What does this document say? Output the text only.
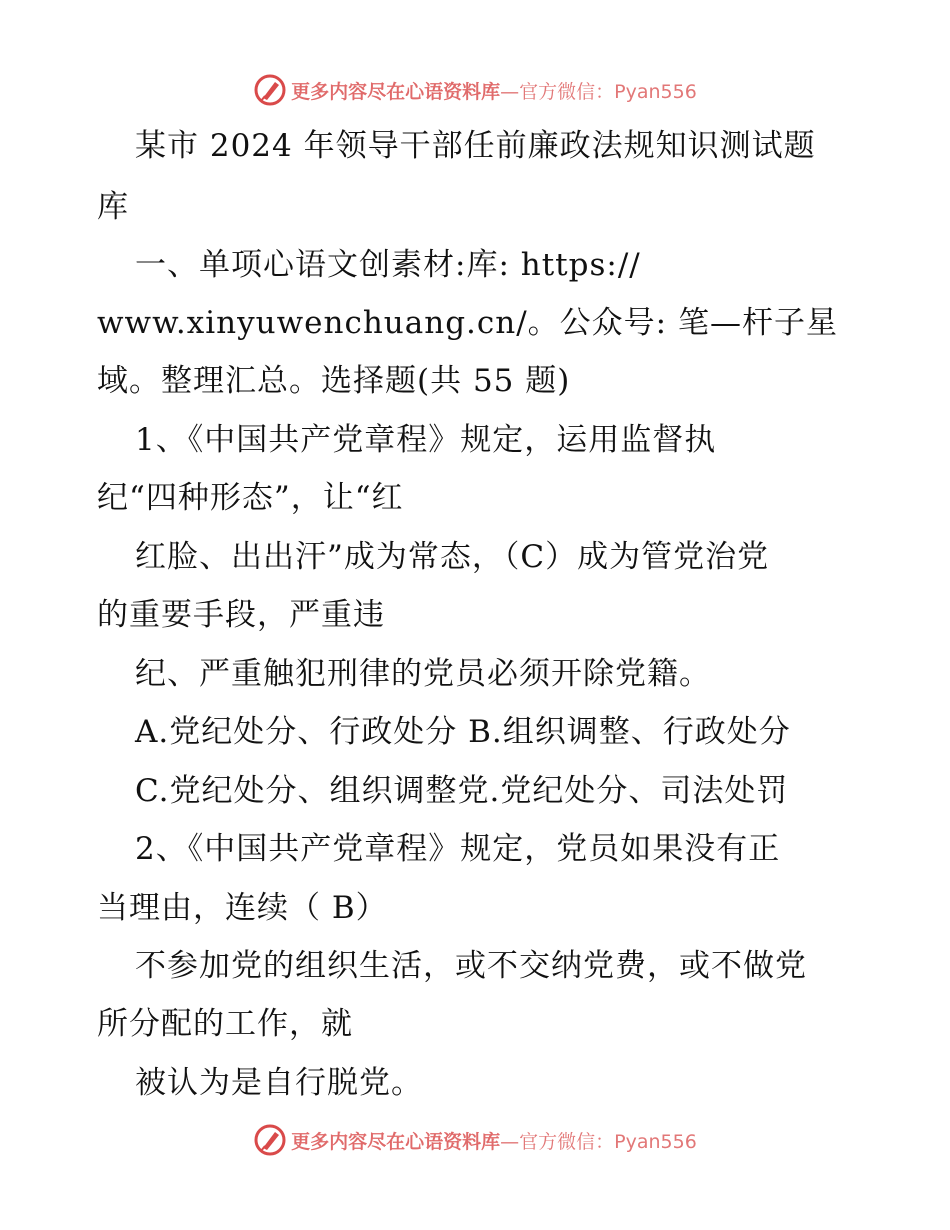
更多内容尽在心语资料库 —官方微信：Pyan556

某市 2024 年领导干部任前廉政法规知识测试题

库

一、单项心语文创素材:库: https://

www.xinyuwenchuang.cn/。公众号: 笔—杆子星

域。整理汇总。选择题(共 55 题)

1、《中国共产党章程》规定，运用监督执

纪“四种形态”，让“红

红脸、出出汗”成为常态，（C）成为管党治党

的重要手段，严重违

纪、严重触犯刑律的党员必须开除党籍。

A.党纪处分、行政处分 B.组织调整、行政处分

C.党纪处分、组织调整党.党纪处分、司法处罚

2、《中国共产党章程》规定，党员如果没有正

当理由，连续（ B）

不参加党的组织生活，或不交纳党费，或不做党

所分配的工作，就

被认为是自行脱党。

更多内容尽在心语资料库 —官方微信：Pyan556
